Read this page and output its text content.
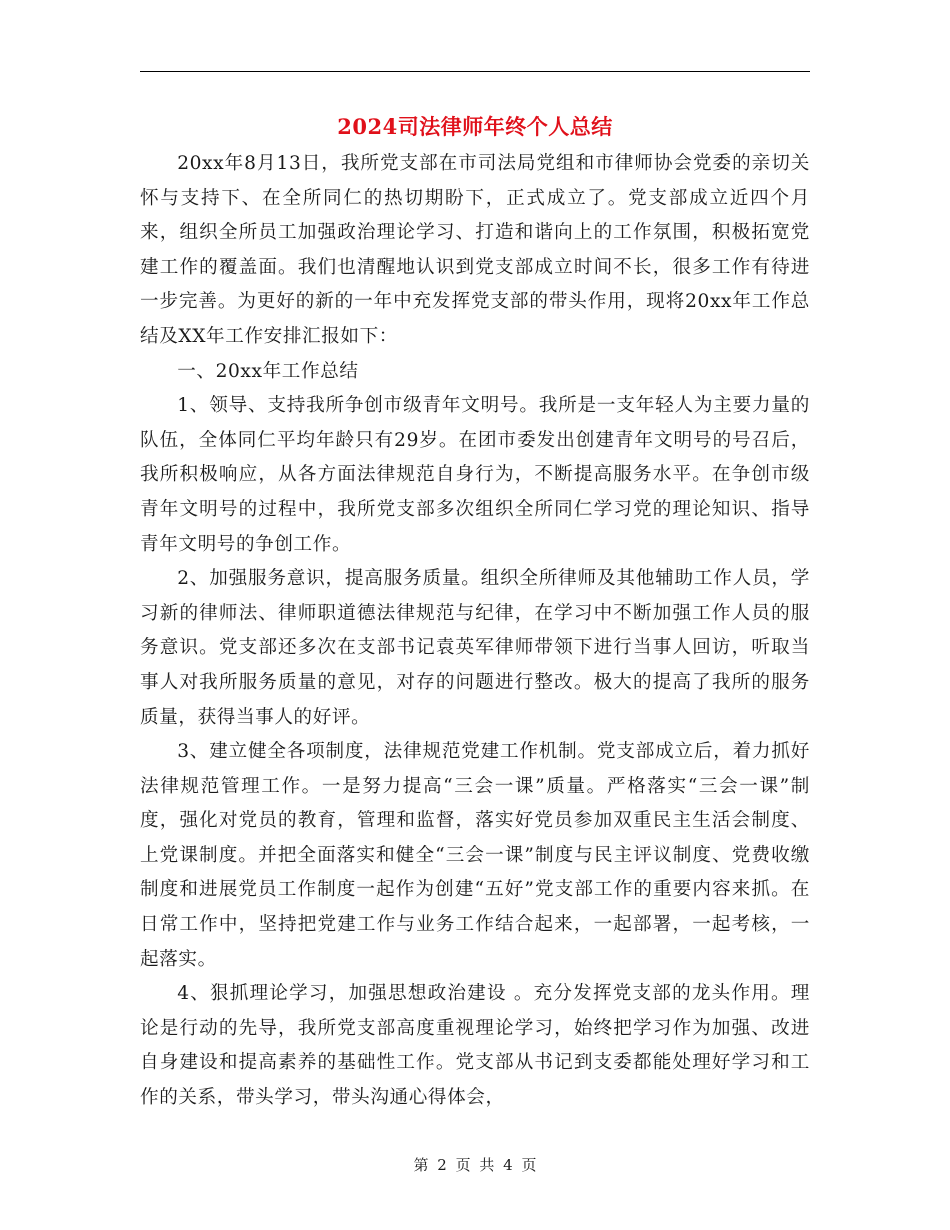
2024司法律师年终个人总结

20xx年8月13日，我所党支部在市司法局党组和市律师协会党委的亲切关怀与支持下、在全所同仁的热切期盼下，正式成立了。党支部成立近四个月来，组织全所员工加强政治理论学习、打造和谐向上的工作氛围，积极拓宽党建工作的覆盖面。我们也清醒地认识到党支部成立时间不长，很多工作有待进一步完善。为更好的新的一年中充发挥党支部的带头作用，现将20xx年工作总结及XX年工作安排汇报如下：

一、20xx年工作总结

1、领导、支持我所争创市级青年文明号。我所是一支年轻人为主要力量的队伍，全体同仁平均年龄只有29岁。在团市委发出创建青年文明号的号召后，我所积极响应，从各方面法律规范自身行为，不断提高服务水平。在争创市级青年文明号的过程中，我所党支部多次组织全所同仁学习党的理论知识、指导青年文明号的争创工作。

2、加强服务意识，提高服务质量。组织全所律师及其他辅助工作人员，学习新的律师法、律师职道德法律规范与纪律，在学习中不断加强工作人员的服务意识。党支部还多次在支部书记袁英军律师带领下进行当事人回访，听取当事人对我所服务质量的意见，对存的问题进行整改。极大的提高了我所的服务质量，获得当事人的好评。

3、建立健全各项制度，法律规范党建工作机制。党支部成立后，着力抓好法律规范管理工作。一是努力提高“三会一课”质量。严格落实“三会一课”制度，强化对党员的教育，管理和监督，落实好党员参加双重民主生活会制度、上党课制度。并把全面落实和健全“三会一课”制度与民主评议制度、党费收缴制度和进展党员工作制度一起作为创建“五好”党支部工作的重要内容来抓。在日常工作中，坚持把党建工作与业务工作结合起来，一起部署，一起考核，一起落实。

4、狠抓理论学习，加强思想政治建设 。充分发挥党支部的龙头作用。理论是行动的先导，我所党支部高度重视理论学习，始终把学习作为加强、改进自身建设和提高素养的基础性工作。党支部从书记到支委都能处理好学习和工作的关系，带头学习，带头沟通心得体会，

第 2 页 共 4 页
